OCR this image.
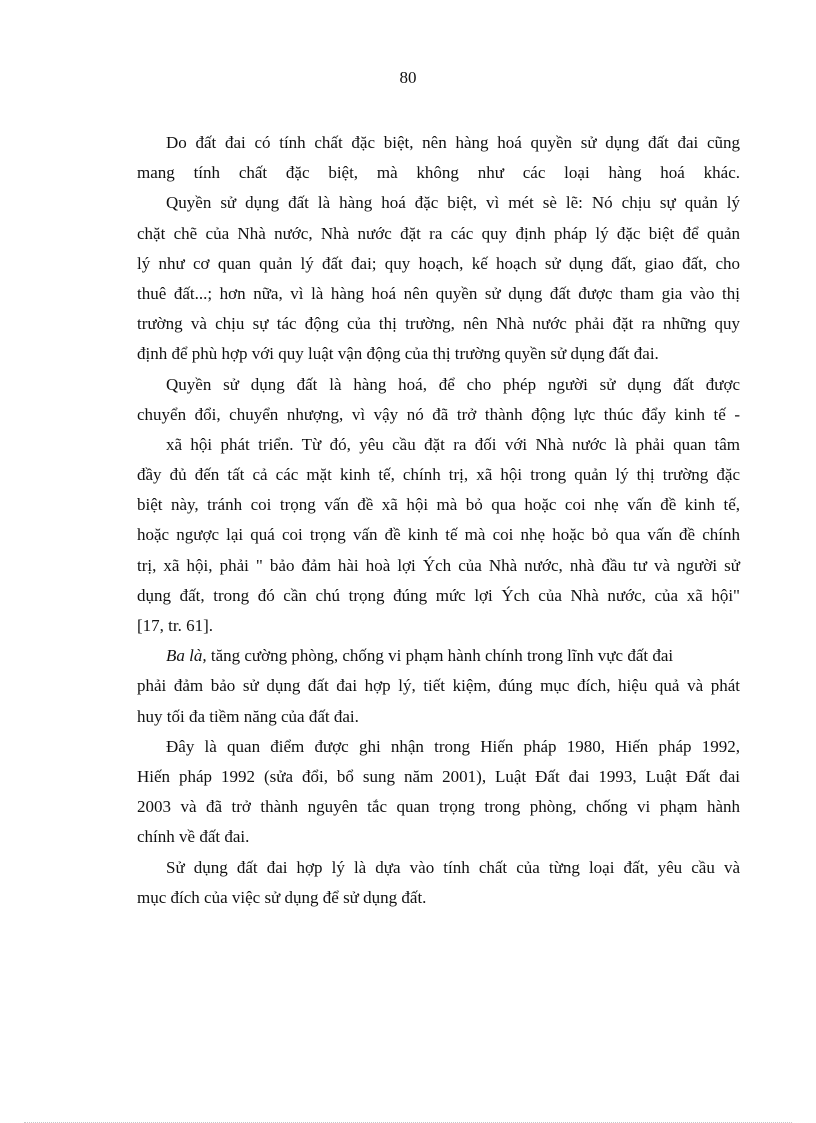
80
Do đất đai có tính chất đặc biệt, nên hàng hoá quyền sử dụng đất đai cũng
mang tính chất đặc biệt, mà không như các loại hàng hoá khác.
Quyền sử dụng đất là hàng hoá đặc biệt, vì mét sè lẽ: Nó chịu sự quản lý
chặt chẽ của Nhà nước, Nhà nước đặt ra các quy định pháp lý đặc biệt để quản
lý như cơ quan quản lý đất đai; quy hoạch, kế hoạch sử dụng đất, giao đất, cho
thuê đất...; hơn nữa, vì là hàng hoá nên quyền sử dụng đất được tham gia vào thị
trường và chịu sự tác động của thị trường, nên Nhà nước phải đặt ra những quy
định để phù hợp với quy luật vận động của thị trường quyền sử dụng đất đai.
Quyền sử dụng đất là hàng hoá, để cho phép người sử dụng đất được
chuyển đổi, chuyển nhượng, vì vậy nó đã trở thành động lực thúc đẩy kinh tế -
xã hội phát triển. Từ đó, yêu cầu đặt ra đối với Nhà nước là phải quan tâm
đầy đủ đến tất cả các mặt kinh tế, chính trị, xã hội trong quản lý thị trường đặc
biệt này, tránh coi trọng vấn đề xã hội mà bỏ qua hoặc coi nhẹ vấn đề kinh tế,
hoặc ngược lại quá coi trọng vấn đề kinh tế mà coi nhẹ hoặc bỏ qua vấn đề chính
trị, xã hội, phải " bảo đảm hài hoà lợi Ých của Nhà nước, nhà đầu tư và người sử
dụng đất, trong đó cần chú trọng đúng mức lợi Ých của Nhà nước, của xã hội"
[17, tr. 61].
Ba là, tăng cường phòng, chống vi phạm hành chính trong lĩnh vực đất đai
phải đảm bảo sử dụng đất đai hợp lý, tiết kiệm, đúng mục đích, hiệu quả và phát
huy tối đa tiềm năng của đất đai.
Đây là quan điểm được ghi nhận trong Hiến pháp 1980, Hiến pháp 1992,
Hiến pháp 1992 (sửa đổi, bổ sung năm 2001), Luật Đất đai 1993, Luật Đất đai
2003 và đã trở thành nguyên tắc quan trọng trong phòng, chống vi phạm hành
chính về đất đai.
Sử dụng đất đai hợp lý là dựa vào tính chất của từng loại đất, yêu cầu và
mục đích của việc sử dụng để sử dụng đất.
